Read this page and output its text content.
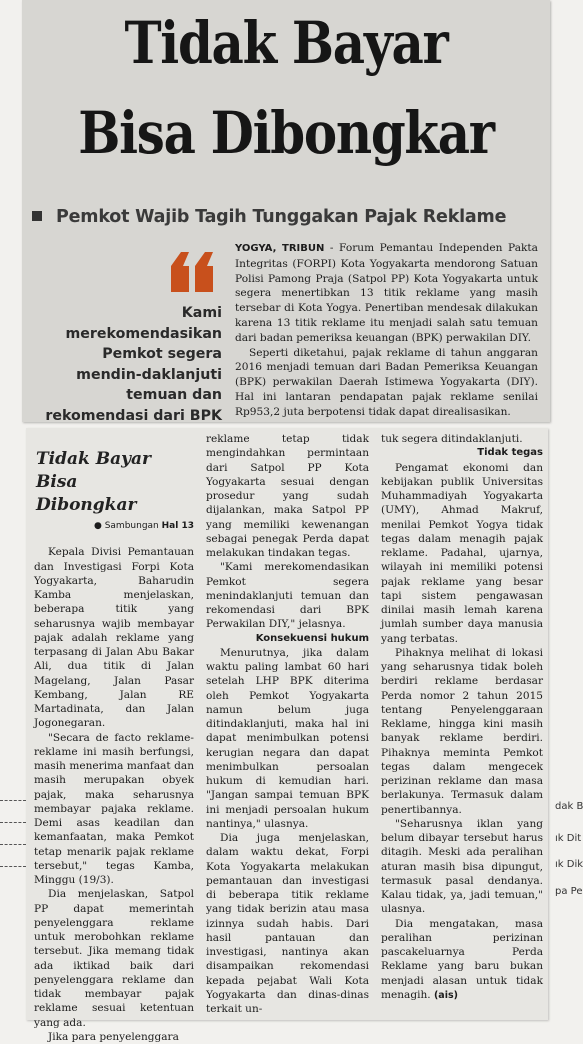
Tidak Bayar
Bisa Dibongkar
Pemkot Wajib Tagih Tunggakan Pajak Reklame
Kami merekomendasikan Pemkot segera mendin-daklanjuti temuan dan rekomendasi dari BPK

YOGYA, TRIBUN - Forum Pemantau Independen Pakta Integritas (FORPI) Kota Yogyakarta mendorong Satuan Polisi Pamong Praja (Satpol PP) Kota Yogyakarta untuk segera menertibkan 13 titik reklame yang masih tersebar di Kota Yogya. Penertiban mendesak dilakukan karena 13 titik reklame itu menjadi salah satu temuan dari badan pemeriksa keuangan (BPK) perwakilan DIY.

Seperti diketahui, pajak reklame di tahun anggaran 2016 menjadi temuan dari Badan Pemeriksa Keuangan (BPK) perwakilan Daerah Istimewa Yogyakarta (DIY). Hal ini lantaran pendapatan pajak reklame senilai Rp953,2 juta berpotensi tidak dapat direalisasikan.

Tidak Bayar Bisa
Dibongkar
● Sambungan Hal 13

Kepala Divisi Pemantauan dan Investigasi Forpi Kota Yogyakarta, Baharudin Kamba menjelaskan, beberapa titik yang seharusnya wajib membayar pajak adalah reklame yang terpasang di Jalan Abu Bakar Ali, dua titik di Jalan Magelang, Jalan Pasar Kembang, Jalan RE Martadinata, dan Jalan Jogonegaran.

"Secara de facto reklame-reklame ini masih berfungsi, masih menerima manfaat dan masih merupakan obyek pajak, maka seharusnya membayar pajaka reklame. Demi asas keadilan dan kemanfaatan, maka Pemkot tetap menarik pajak reklame tersebut," tegas Kamba, Minggu (19/3).

Dia menjelaskan, Satpol PP dapat memerintah penyelenggara reklame untuk merobohkan reklame tersebut. Jika memang tidak ada iktikad baik dari penyelenggara reklame dan tidak membayar pajak reklame sesuai ketentuan yang ada.

Jika para penyelenggara

reklame tetap tidak mengindahkan permintaan dari Satpol PP Kota Yogyakarta sesuai dengan prosedur yang sudah dijalankan, maka Satpol PP yang memiliki kewenangan sebagai penegak Perda dapat melakukan tindakan tegas.

"Kami merekomendasikan Pemkot segera menindaklanjuti temuan dan rekomendasi dari BPK Perwakilan DIY," jelasnya.

Konsekuensi hukum

Menurutnya, jika dalam waktu paling lambat 60 hari setelah LHP BPK diterima oleh Pemkot Yogyakarta namun belum juga ditindaklanjuti, maka hal ini dapat menimbulkan potensi kerugian negara dan dapat menimbulkan persoalan hukum di kemudian hari. "Jangan sampai temuan BPK ini menjadi persoalan hukum nantinya," ulasnya.

Dia juga menjelaskan, dalam waktu dekat, Forpi Kota Yogyakarta melakukan pemantauan dan investigasi di beberapa titik reklame yang tidak berizin atau masa izinnya sudah habis. Dari hasil pantauan dan investigasi, nantinya akan disampaikan rekomendasi kepada pejabat Wali Kota Yogyakarta dan dinas-dinas terkait un-

tuk segera ditindaklanjuti.

Tidak tegas

Pengamat ekonomi dan kebijakan publik Universitas Muhammadiyah Yogyakarta (UMY), Ahmad Makruf, menilai Pemkot Yogya tidak tegas dalam menagih pajak reklame. Padahal, ujarnya, wilayah ini memiliki potensi pajak reklame yang besar tapi sistem pengawasan dinilai masih lemah karena jumlah sumber daya manusia yang terbatas.

Pihaknya melihat di lokasi yang seharusnya tidak boleh berdiri reklame berdasar Perda nomor 2 tahun 2015 tentang Penyelenggaraan Reklame, hingga kini masih banyak reklame berdiri. Pihaknya meminta Pemkot tegas dalam mengecek perizinan reklame dan masa berlakunya. Termasuk dalam penertibannya.

"Seharusnya iklan yang belum dibayar tersebut harus ditagih. Meski ada peralihan aturan masih bisa dipungut, termasuk pasal dendanya. Kalau tidak, ya, jadi temuan," ulasnya.

Dia mengatakan, masa peralihan perizinan pascakeluarnya Perda Reklame yang baru bukan menjadi alasan untuk tidak menagih. (ais)

dak B
ık Dit
ık Dik
pa Pe
